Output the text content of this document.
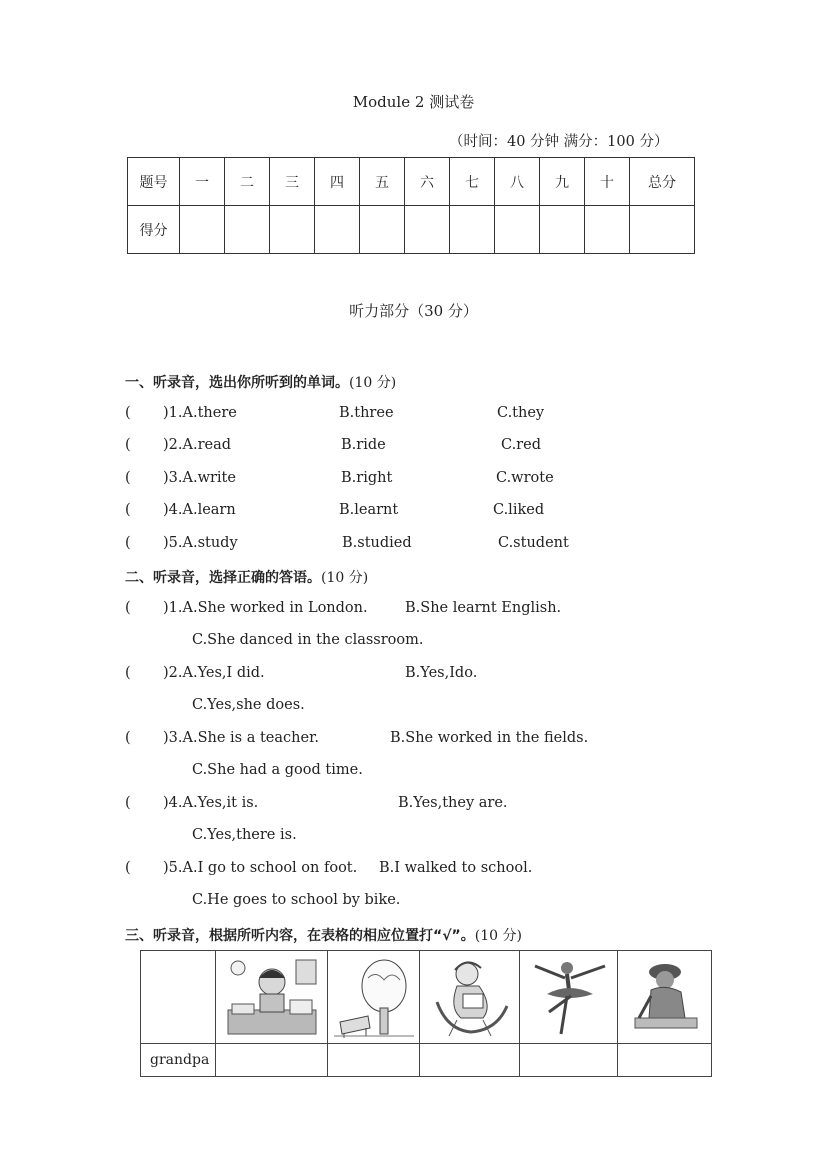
Module 2 测试卷
（时间：40 分钟 满分：100 分）
题号	一	二	三	四	五	六	七	八	九	十	总分
得分											
听力部分（30 分）
一、听录音，选出你所听到的单词。(10 分)
( )1.A.there	B.three	C.they
( )2.A.read	B.ride	C.red
( )3.A.write	B.right	C.wrote
( )4.A.learn	B.learnt	C.liked
( )5.A.study	B.studied	C.student
二、听录音，选择正确的答语。(10 分)
( )1.A.She worked in London.	B.She learnt English.
C.She danced in the classroom.
( )2.A.Yes,I did.	B.Yes,Ido.
C.Yes,she does.
( )3.A.She is a teacher.	B.She worked in the fields.
C.She had a good time.
( )4.A.Yes,it is.	B.Yes,they are.
C.Yes,there is.
( )5.A.I go to school on foot. B.I walked to school.
C.He goes to school by bike.
三、听录音，根据所听内容，在表格的相应位置打“√”。(10 分)

grandpa					
